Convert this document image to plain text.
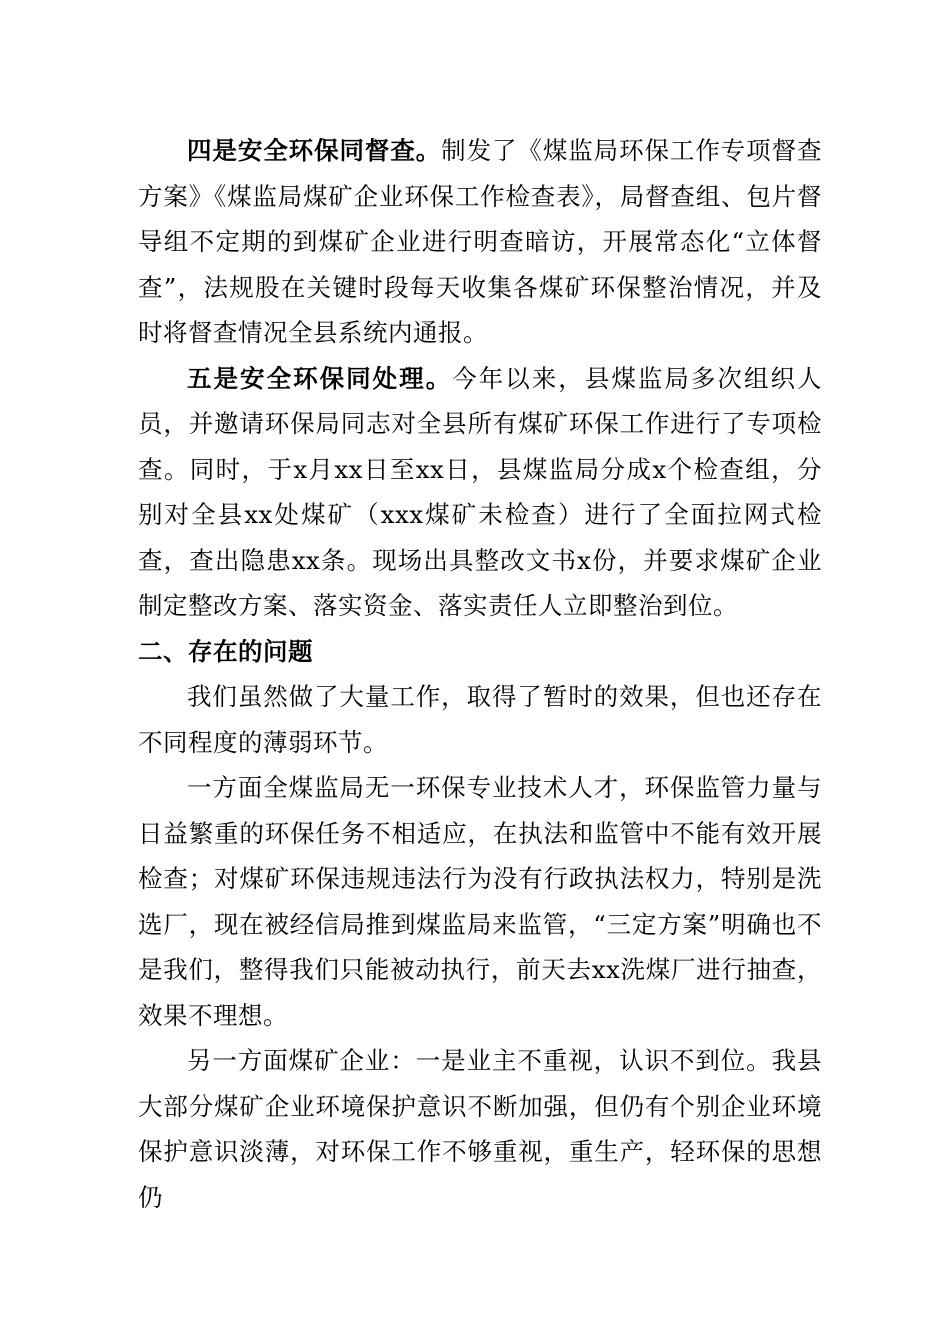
四是安全环保同督查。制发了《煤监局环保工作专项督查方案》《煤监局煤矿企业环保工作检查表》，局督查组、包片督导组不定期的到煤矿企业进行明查暗访，开展常态化“立体督查”，法规股在关键时段每天收集各煤矿环保整治情况，并及时将督查情况全县系统内通报。

五是安全环保同处理。今年以来，县煤监局多次组织人员，并邀请环保局同志对全县所有煤矿环保工作进行了专项检查。同时，于x月xx日至xx日，县煤监局分成x个检查组，分别对全县xx处煤矿（xxx煤矿未检查）进行了全面拉网式检查，查出隐患xx条。现场出具整改文书x份，并要求煤矿企业制定整改方案、落实资金、落实责任人立即整治到位。

二、存在的问题

我们虽然做了大量工作，取得了暂时的效果，但也还存在不同程度的薄弱环节。

一方面全煤监局无一环保专业技术人才，环保监管力量与日益繁重的环保任务不相适应，在执法和监管中不能有效开展检查；对煤矿环保违规违法行为没有行政执法权力，特别是洗选厂，现在被经信局推到煤监局来监管，“三定方案”明确也不是我们，整得我们只能被动执行，前天去xx洗煤厂进行抽查，效果不理想。

另一方面煤矿企业：一是业主不重视，认识不到位。我县大部分煤矿企业环境保护意识不断加强，但仍有个别企业环境保护意识淡薄，对环保工作不够重视，重生产，轻环保的思想仍
